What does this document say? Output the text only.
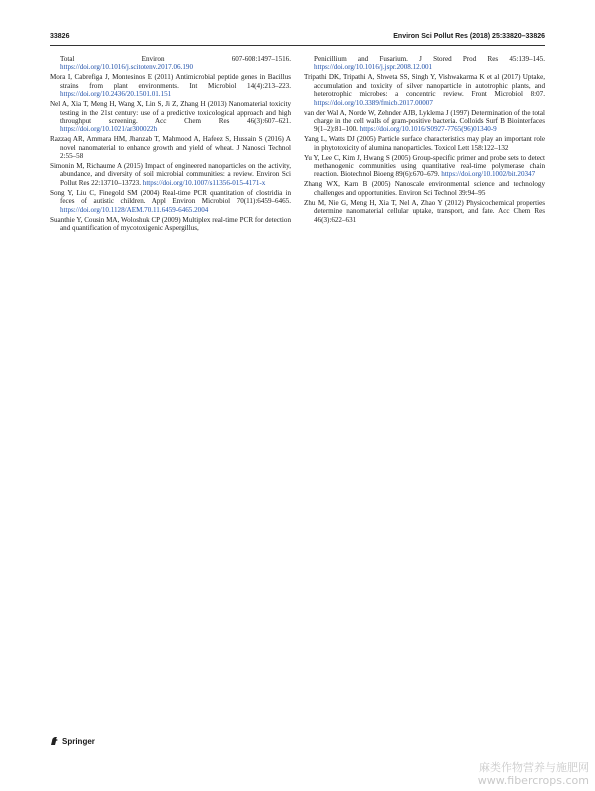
33826	Environ Sci Pollut Res (2018) 25:33820–33826

Total Environ 607-608:1497–1516. https://doi.org/10.1016/j.scitotenv.2017.06.190

Mora I, Cabrefiga J, Montesinos E (2011) Antimicrobial peptide genes in Bacillus strains from plant environments. Int Microbiol 14(4):213–223. https://doi.org/10.2436/20.1501.01.151

Nel A, Xia T, Meng H, Wang X, Lin S, Ji Z, Zhang H (2013) Nanomaterial toxicity testing in the 21st century: use of a predictive toxicological approach and high throughput screening. Acc Chem Res 46(3):607–621. https://doi.org/10.1021/ar300022h

Razzaq AR, Ammara HM, Jhanzab T, Mahmood A, Hafeez S, Hussain S (2016) A novel nanomaterial to enhance growth and yield of wheat. J Nanosci Technol 2:55–58

Simonin M, Richaume A (2015) Impact of engineered nanoparticles on the activity, abundance, and diversity of soil microbial communities: a review. Environ Sci Pollut Res 22:13710–13723. https://doi.org/10.1007/s11356-015-4171-x

Song Y, Liu C, Finegold SM (2004) Real-time PCR quantitation of clostridia in feces of autistic children. Appl Environ Microbiol 70(11):6459–6465. https://doi.org/10.1128/AEM.70.11.6459-6465.2004

Suanthie Y, Cousin MA, Woloshuk CP (2009) Multiplex real-time PCR for detection and quantification of mycotoxigenic Aspergillus,

Penicillium and Fusarium. J Stored Prod Res 45:139–145. https://doi.org/10.1016/j.jspr.2008.12.001

Tripathi DK, Tripathi A, Shweta SS, Singh Y, Vishwakarma K et al (2017) Uptake, accumulation and toxicity of silver nanoparticle in autotrophic plants, and heterotrophic microbes: a concentric review. Front Microbiol 8:07. https://doi.org/10.3389/fmicb.2017.00007

van der Wal A, Norde W, Zehnder AJB, Lyklema J (1997) Determination of the total charge in the cell walls of gram-positive bacteria. Colloids Surf B Biointerfaces 9(1–2):81–100. https://doi.org/10.1016/S0927-7765(96)01340-9

Yang L, Watts DJ (2005) Particle surface characteristics may play an important role in phytotoxicity of alumina nanoparticles. Toxicol Lett 158:122–132

Yu Y, Lee C, Kim J, Hwang S (2005) Group-specific primer and probe sets to detect methanogenic communities using quantitative real-time polymerase chain reaction. Biotechnol Bioeng 89(6):670–679. https://doi.org/10.1002/bit.20347

Zhang WX, Karn B (2005) Nanoscale environmental science and technology challenges and opportunities. Environ Sci Technol 39:94–95

Zhu M, Nie G, Meng H, Xia T, Nel A, Zhao Y (2012) Physicochemical properties determine nanomaterial cellular uptake, transport, and fate. Acc Chem Res 46(3):622–631

Springer
麻类作物营养与施肥网
www.fibercrops.com
